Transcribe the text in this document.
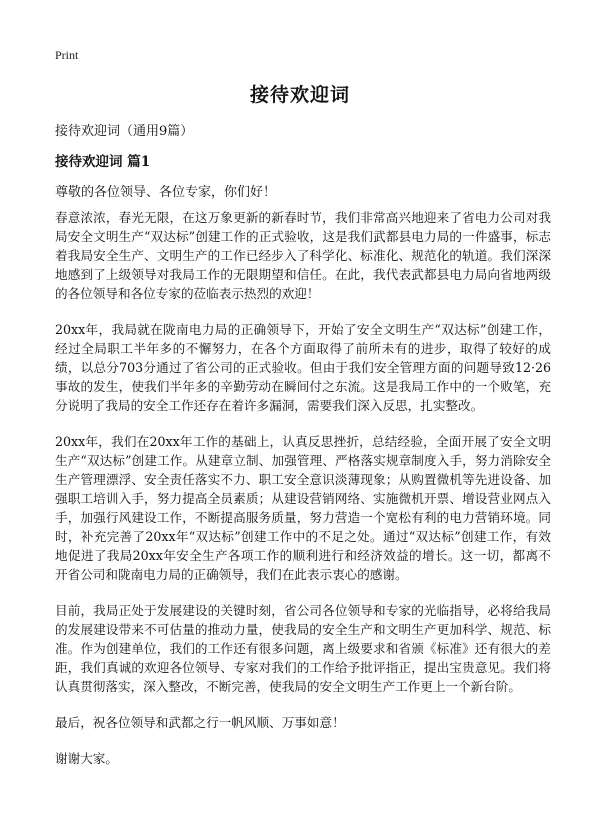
Print
接待欢迎词

接待欢迎词（通用9篇）

接待欢迎词 篇1

尊敬的各位领导、各位专家，你们好！

春意浓浓，春光无限，在这万象更新的新春时节，我们非常高兴地迎来了省电力公司对我局安全文明生产“双达标”创建工作的正式验收，这是我们武都县电力局的一件盛事，标志着我局安全生产、文明生产的工作已经步入了科学化、标准化、规范化的轨道。我们深深地感到了上级领导对我局工作的无限期望和信任。在此，我代表武都县电力局向省地两级的各位领导和各位专家的莅临表示热烈的欢迎！

20xx年，我局就在陇南电力局的正确领导下，开始了安全文明生产“双达标”创建工作，经过全局职工半年多的不懈努力，在各个方面取得了前所未有的进步，取得了较好的成绩，以总分703分通过了省公司的正式验收。但由于我们安全管理方面的问题导致12·26事故的发生，使我们半年多的辛勤劳动在瞬间付之东流。这是我局工作中的一个败笔，充分说明了我局的安全工作还存在着许多漏洞，需要我们深入反思，扎实整改。

20xx年，我们在20xx年工作的基础上，认真反思挫折，总结经验，全面开展了安全文明生产“双达标”创建工作。从建章立制、加强管理、严格落实规章制度入手，努力消除安全生产管理漂浮、安全责任落实不力、职工安全意识淡薄现象；从购置微机等先进设备、加强职工培训入手，努力提高全员素质；从建设营销网络、实施微机开票、增设营业网点入手，加强行风建设工作，不断提高服务质量，努力营造一个宽松有利的电力营销环境。同时，补充完善了20xx年“双达标”创建工作中的不足之处。通过“双达标”创建工作，有效地促进了我局20xx年安全生产各项工作的顺利进行和经济效益的增长。这一切，都离不开省公司和陇南电力局的正确领导，我们在此表示衷心的感谢。

目前，我局正处于发展建设的关键时刻，省公司各位领导和专家的光临指导，必将给我局的发展建设带来不可估量的推动力量，使我局的安全生产和文明生产更加科学、规范、标准。作为创建单位，我们的工作还有很多问题，离上级要求和省颁《标准》还有很大的差距，我们真诚的欢迎各位领导、专家对我们的工作给予批评指正，提出宝贵意见。我们将认真贯彻落实，深入整改，不断完善，使我局的安全文明生产工作更上一个新台阶。

最后，祝各位领导和武都之行一帆风顺、万事如意！

谢谢大家。
